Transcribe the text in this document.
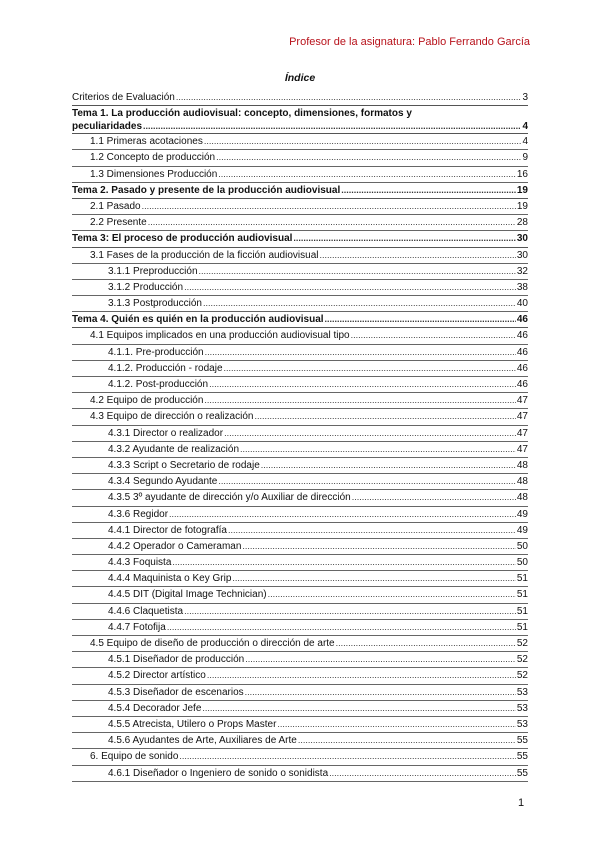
Profesor de la asignatura: Pablo Ferrando García
Índice
Criterios de Evaluación .....	3
Tema 1. La producción audiovisual: concepto, dimensiones, formatos y
peculiaridades .....	4
1.1 Primeras acotaciones .....	4
1.2 Concepto de producción .....	9
1.3 Dimensiones Producción .....	16
Tema 2. Pasado y presente de la producción audiovisual .....	19
2.1 Pasado .....	19
2.2 Presente .....	28
Tema 3: El proceso de producción audiovisual .....	30
3.1 Fases de la producción de la ficción audiovisual .....	30
3.1.1 Preproducción .....	32
3.1.2 Producción .....	38
3.1.3 Postproducción .....	40
Tema 4. Quién es quién en la producción audiovisual .....	46
4.1 Equipos implicados en una producción audiovisual tipo .....	46
4.1.1. Pre-producción .....	46
4.1.2. Producción - rodaje .....	46
4.1.2. Post-producción .....	46
4.2 Equipo de producción .....	47
4.3 Equipo de dirección o realización .....	47
4.3.1 Director o realizador .....	47
4.3.2 Ayudante de realización .....	47
4.3.3 Script o Secretario de rodaje .....	48
4.3.4 Segundo Ayudante .....	48
4.3.5 3º ayudante de dirección y/o Auxiliar de dirección .....	48
4.3.6 Regidor .....	49
4.4.1 Director de fotografía .....	49
4.4.2 Operador o Cameraman .....	50
4.4.3 Foquista .....	50
4.4.4 Maquinista o Key Grip .....	51
4.4.5 DIT (Digital Image Technician) .....	51
4.4.6 Claquetista .....	51
4.4.7 Fotofija .....	51
4.5 Equipo de diseño de producción o dirección de arte .....	52
4.5.1 Diseñador de producción .....	52
4.5.2 Director artístico .....	52
4.5.3 Diseñador de escenarios .....	53
4.5.4 Decorador Jefe .....	53
4.5.5 Atrecista, Utilero o Props Master .....	53
4.5.6 Ayudantes de Arte, Auxiliares de Arte .....	55
6. Equipo de sonido .....	55
4.6.1 Diseñador o Ingeniero de sonido o sonidista .....	55
1
